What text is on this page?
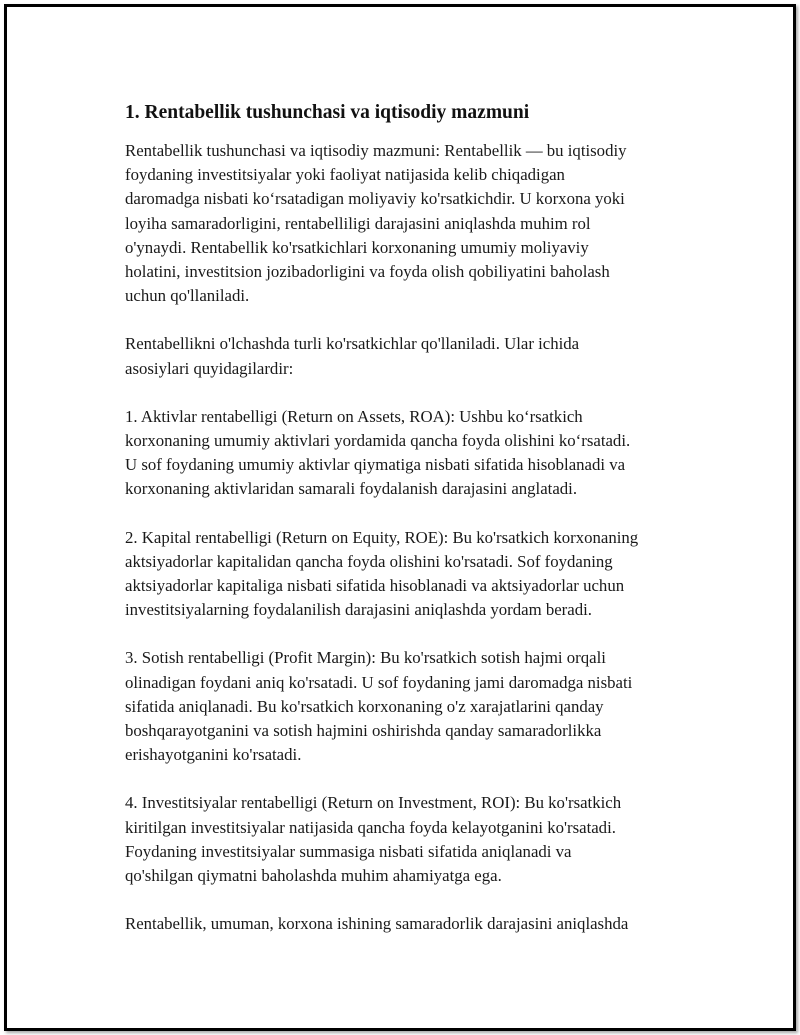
1. Rentabellik tushunchasi va iqtisodiy mazmuni

Rentabellik tushunchasi va iqtisodiy mazmuni: Rentabellik — bu iqtisodiy
foydaning investitsiyalar yoki faoliyat natijasida kelib chiqadigan
daromadga nisbati koʻrsatadigan moliyaviy ko'rsatkichdir. U korxona yoki
loyiha samaradorligini, rentabelliligi darajasini aniqlashda muhim rol
o'ynaydi. Rentabellik ko'rsatkichlari korxonaning umumiy moliyaviy
holatini, investitsion jozibadorligini va foyda olish qobiliyatini baholash
uchun qo'llaniladi.

Rentabellikni o'lchashda turli ko'rsatkichlar qo'llaniladi. Ular ichida
asosiylari quyidagilardir:

1. Aktivlar rentabelligi (Return on Assets, ROA): Ushbu koʻrsatkich
korxonaning umumiy aktivlari yordamida qancha foyda olishini koʻrsatadi.
U sof foydaning umumiy aktivlar qiymatiga nisbati sifatida hisoblanadi va
korxonaning aktivlaridan samarali foydalanish darajasini anglatadi.

2. Kapital rentabelligi (Return on Equity, ROE): Bu ko'rsatkich korxonaning
aktsiyadorlar kapitalidan qancha foyda olishini ko'rsatadi. Sof foydaning
aktsiyadorlar kapitaliga nisbati sifatida hisoblanadi va aktsiyadorlar uchun
investitsiyalarning foydalanilish darajasini aniqlashda yordam beradi.

3. Sotish rentabelligi (Profit Margin): Bu ko'rsatkich sotish hajmi orqali
olinadigan foydani aniq ko'rsatadi. U sof foydaning jami daromadga nisbati
sifatida aniqlanadi. Bu ko'rsatkich korxonaning o'z xarajatlarini qanday
boshqarayotganini va sotish hajmini oshirishda qanday samaradorlikka
erishayotganini ko'rsatadi.

4. Investitsiyalar rentabelligi (Return on Investment, ROI): Bu ko'rsatkich
kiritilgan investitsiyalar natijasida qancha foyda kelayotganini ko'rsatadi.
Foydaning investitsiyalar summasiga nisbati sifatida aniqlanadi va
qo'shilgan qiymatni baholashda muhim ahamiyatga ega.

Rentabellik, umuman, korxona ishining samaradorlik darajasini aniqlashda
